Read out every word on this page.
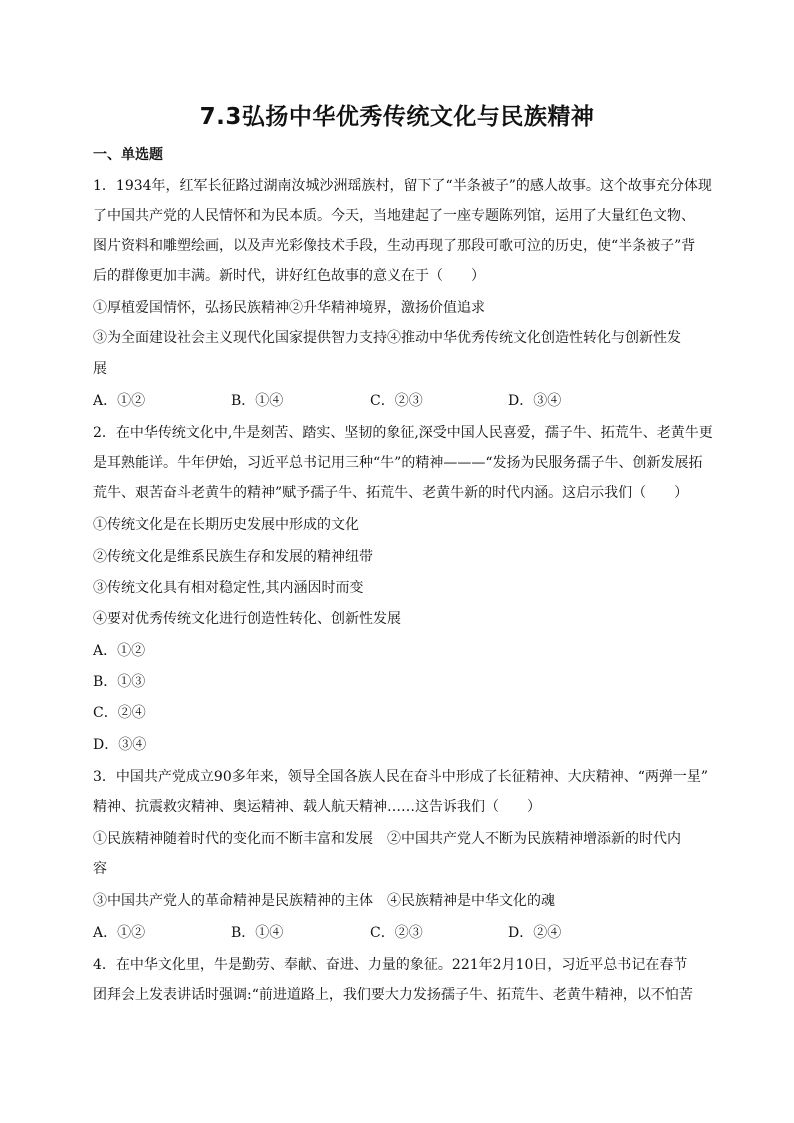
7.3弘扬中华优秀传统文化与民族精神
一、单选题
1．1934年，红军长征路过湖南汝城沙洲瑶族村，留下了“半条被子”的感人故事。这个故事充分体现
了中国共产党的人民情怀和为民本质。今天，当地建起了一座专题陈列馆，运用了大量红色文物、
图片资料和雕塑绘画，以及声光彩像技术手段，生动再现了那段可歌可泣的历史，使“半条被子”背
后的群像更加丰满。新时代，讲好红色故事的意义在于（　　）
①厚植爱国情怀，弘扬民族精神②升华精神境界，激扬价值追求
③为全面建设社会主义现代化国家提供智力支持④推动中华优秀传统文化创造性转化与创新性发
展
A．①②	B．①④	C．②③	D．③④
2．在中华传统文化中,牛是刻苦、踏实、坚韧的象征,深受中国人民喜爱，孺子牛、拓荒牛、老黄牛更
是耳熟能详。牛年伊始，习近平总书记用三种“牛”的精神———“发扬为民服务孺子牛、创新发展拓
荒牛、艰苦奋斗老黄牛的精神”赋予孺子牛、拓荒牛、老黄牛新的时代内涵。这启示我们（　　）
①传统文化是在长期历史发展中形成的文化
②传统文化是维系民族生存和发展的精神纽带
③传统文化具有相对稳定性,其内涵因时而变
④要对优秀传统文化进行创造性转化、创新性发展
A．①②
B．①③
C．②④
D．③④
3．中国共产党成立90多年来，领导全国各族人民在奋斗中形成了长征精神、大庆精神、“两弹一星”
精神、抗震救灾精神、奥运精神、载人航天精神……这告诉我们（　　）
①民族精神随着时代的变化而不断丰富和发展　②中国共产党人不断为民族精神增添新的时代内
容
③中国共产党人的革命精神是民族精神的主体　④民族精神是中华文化的魂
A．①②	B．①④	C．②③	D．②④
4．在中华文化里，牛是勤劳、奉献、奋进、力量的象征。221年2月10日，习近平总书记在春节
团拜会上发表讲话时强调:“前进道路上，我们要大力发扬孺子牛、拓荒牛、老黄牛精神，以不怕苦
